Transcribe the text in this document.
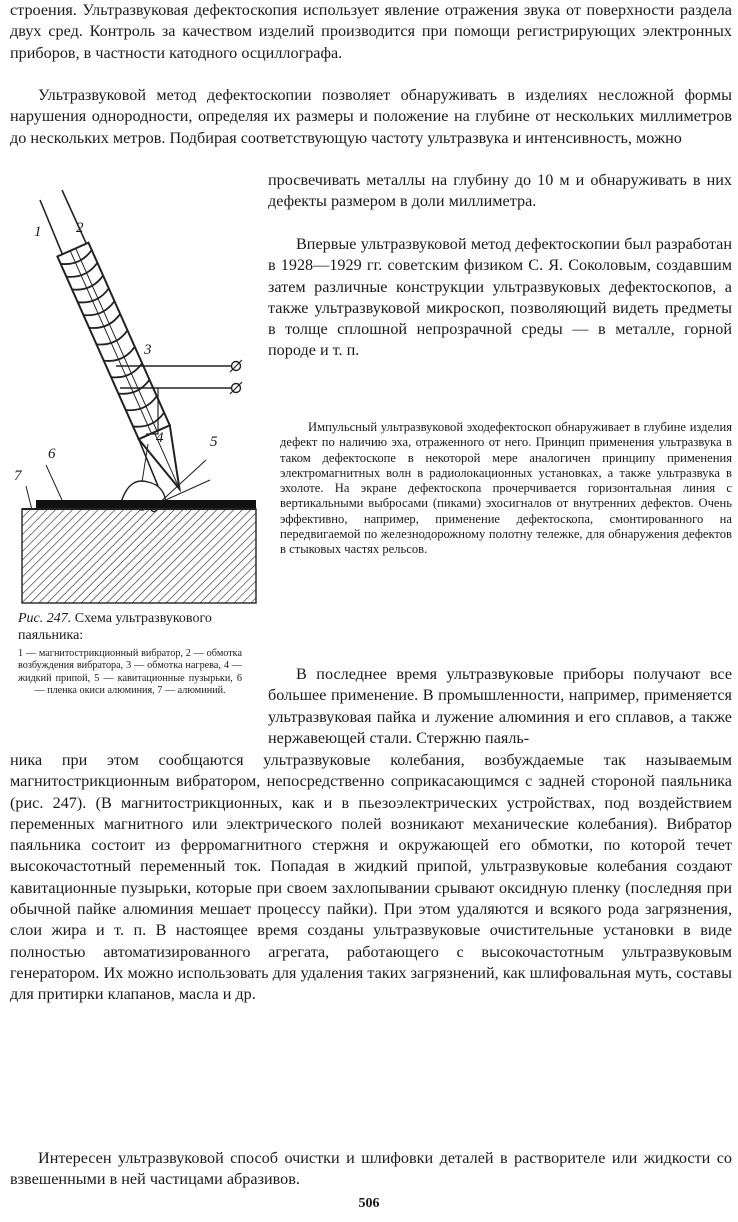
строения. Ультразвуковая дефектоскопия использует явление отражения звука от поверхности раздела двух сред. Контроль за качеством изделий производится при помощи регистрирующих электронных приборов, в частности катодного осциллографа.

Ультразвуковой метод дефектоскопии позволяет обнаруживать в изделиях несложной формы нарушения однородности, определяя их размеры и положение на глубине от нескольких миллиметров до нескольких метров. Подбирая соответствующую частоту ультразвука и интенсивность, можно

просвечивать металлы на глубину до 10 м и обнаруживать в них дефекты размером в доли миллиметра.

Впервые ультразвуковой метод дефектоскопии был разработан в 1928—1929 гг. советским физиком С. Я. Соколовым, создавшим затем различные конструкции ультразвуковых дефектоскопов, а также ультразвуковой микроскоп, позволяющий видеть предметы в толще сплошной непрозрачной среды — в металле, горной породе и т. п.

Импульсный ультразвуковой эходефектоскоп обнаруживает в глубине изделия дефект по наличию эха, отраженного от него. Принцип применения ультразвука в таком дефектоскопе в некоторой мере аналогичен принципу применения электромагнитных волн в радиолокационных установках, а также ультразвука в эхолоте. На экране дефектоскопа прочерчивается горизонтальная линия с вертикальными выбросами (пиками) эхосигналов от внутренних дефектов. Очень эффективно, например, применение дефектоскопа, смонтированного на передвигаемой по железнодорожному полотну тележке, для обнаружения дефектов в стыковых частях рельсов.

1 2
3
4	5
6
7

Рис. 247. Схема ультразвукового паяльника:

1 — магнитострикционный вибратор, 2 — обмотка возбуждения вибратора, 3 — обмотка нагрева, 4 — жидкий припой, 5 — кавитационные пузырьки, 6 — пленка окиси алюминия, 7 — алюминий.

В последнее время ультразвуковые приборы получают все большее применение. В промышленности, например, применяется ультразвуковая пайка и лужение алюминия и его сплавов, а также нержавеющей стали. Стержню паяль-

ника при этом сообщаются ультразвуковые колебания, возбуждаемые так называемым магнитострикционным вибратором, непосредственно соприкасающимся с задней стороной паяльника (рис. 247). (В магнитострикционных, как и в пьезоэлектрических устройствах, под воздействием переменных магнитного или электрического полей возникают механические колебания). Вибратор паяльника состоит из ферромагнитного стержня и окружающей его обмотки, по которой течет высокочастотный переменный ток. Попадая в жидкий припой, ультразвуковые колебания создают кавитационные пузырьки, которые при своем захлопывании срывают оксидную пленку (последняя при обычной пайке алюминия мешает процессу пайки). При этом удаляются и всякого рода загрязнения, слои жира и т. п. В настоящее время созданы ультразвуковые очистительные установки в виде полностью автоматизированного агрегата, работающего с высокочастотным ультразвуковым генератором. Их можно использовать для удаления таких загрязнений, как шлифовальная муть, составы для притирки клапанов, масла и др.

Интересен ультразвуковой способ очистки и шлифовки деталей в растворителе или жидкости со взвешенными в ней частицами абразивов.

506
